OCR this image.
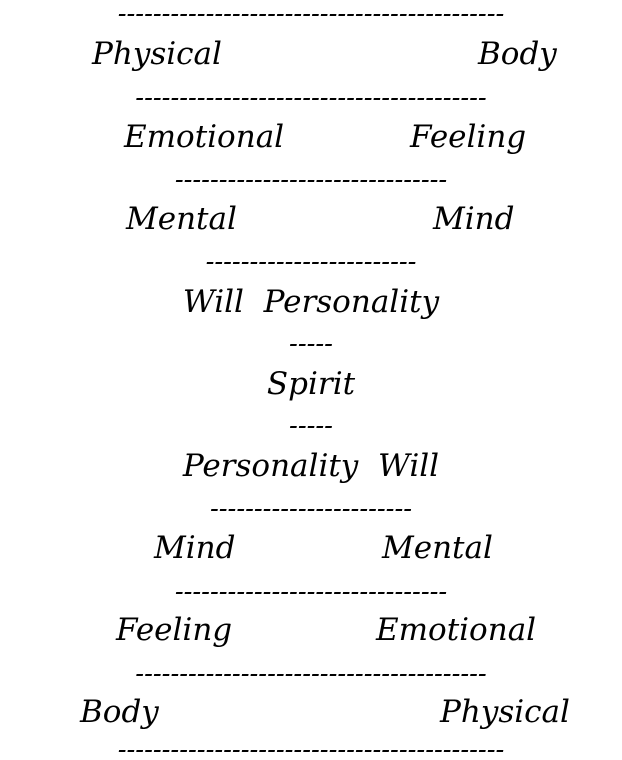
--------------------------------------------
Physical	Body
----------------------------------------
Emotional	Feeling
-------------------------------
Mental	Mind
------------------------
Will  Personality
-----
Spirit
-----
Personality  Will
-----------------------
Mind	Mental
-------------------------------
Feeling	Emotional
----------------------------------------
Body	Physical
--------------------------------------------
